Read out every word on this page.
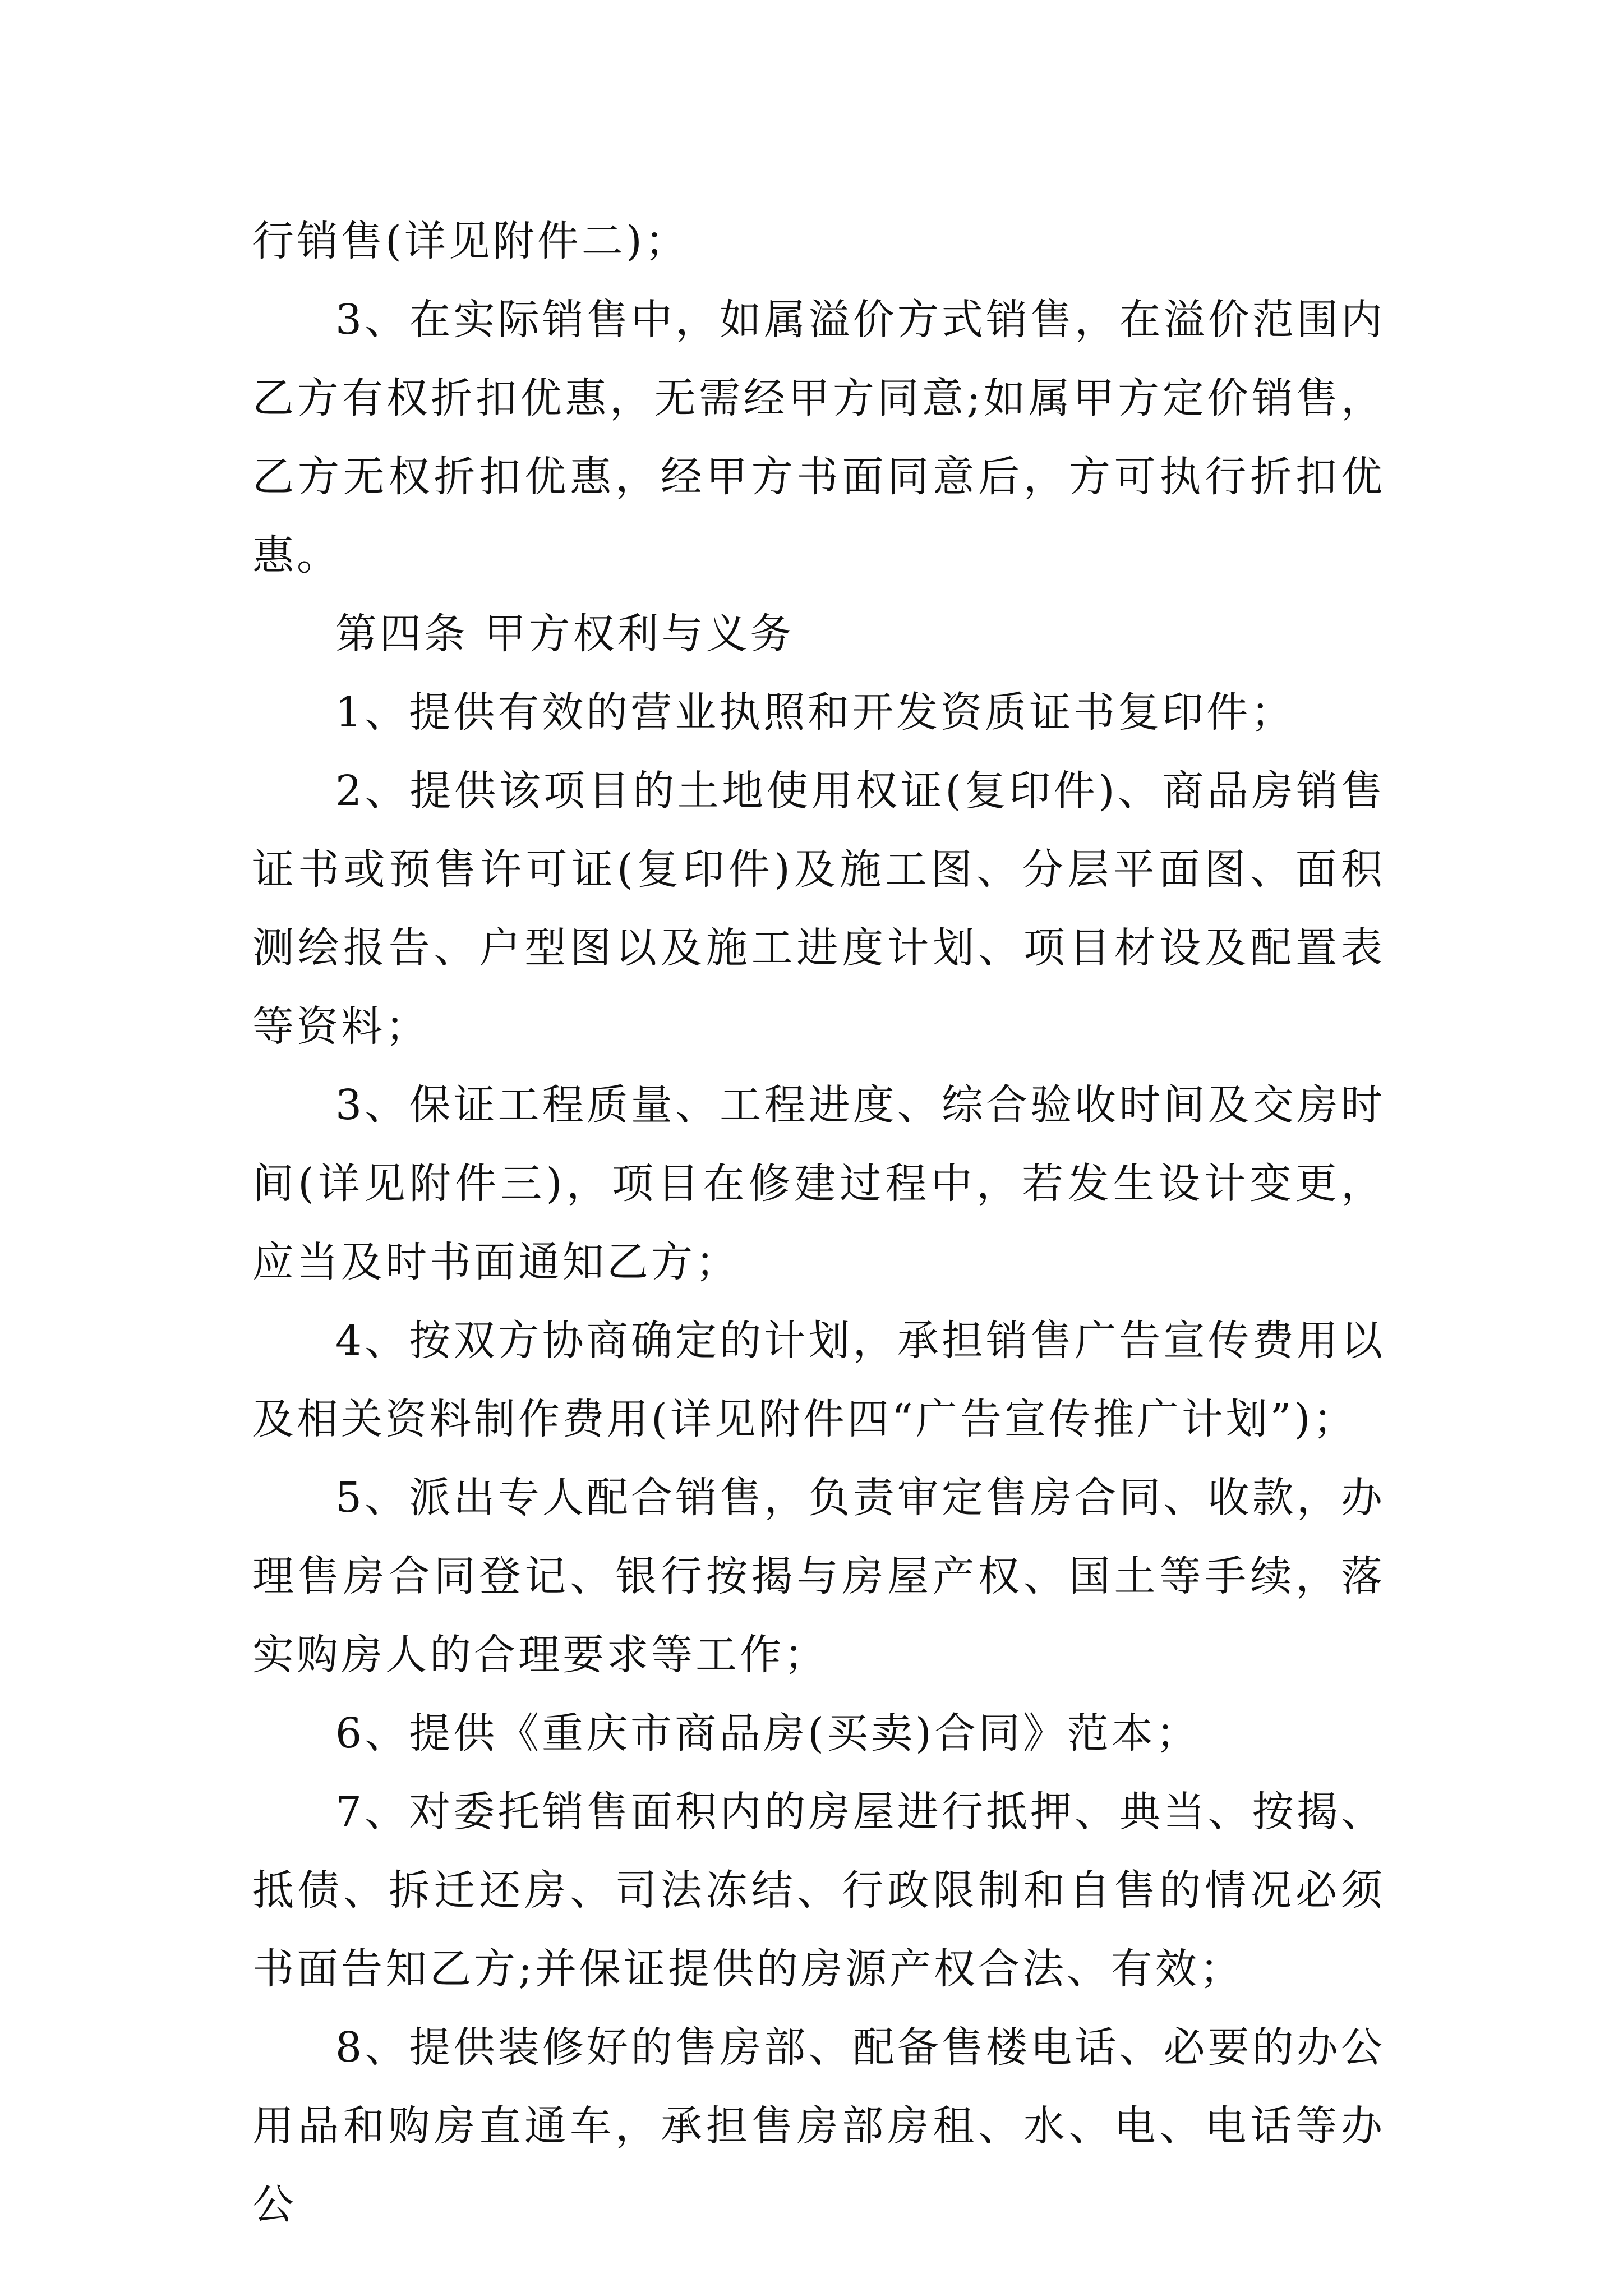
行销售(详见附件二)；

3、在实际销售中，如属溢价方式销售，在溢价范围内乙方有权折扣优惠，无需经甲方同意;如属甲方定价销售，乙方无权折扣优惠，经甲方书面同意后，方可执行折扣优惠。

第四条 甲方权利与义务

1、提供有效的营业执照和开发资质证书复印件；

2、提供该项目的土地使用权证(复印件)、商品房销售证书或预售许可证(复印件)及施工图、分层平面图、面积测绘报告、户型图以及施工进度计划、项目材设及配置表等资料；

3、保证工程质量、工程进度、综合验收时间及交房时间(详见附件三)，项目在修建过程中，若发生设计变更，应当及时书面通知乙方；

4、按双方协商确定的计划，承担销售广告宣传费用以及相关资料制作费用(详见附件四“广告宣传推广计划”)；

5、派出专人配合销售，负责审定售房合同、收款，办理售房合同登记、银行按揭与房屋产权、国土等手续，落实购房人的合理要求等工作；

6、提供《重庆市商品房(买卖)合同》范本；

7、对委托销售面积内的房屋进行抵押、典当、按揭、抵债、拆迁还房、司法冻结、行政限制和自售的情况必须书面告知乙方;并保证提供的房源产权合法、有效；

8、提供装修好的售房部、配备售楼电话、必要的办公用品和购房直通车，承担售房部房租、水、电、电话等办公
